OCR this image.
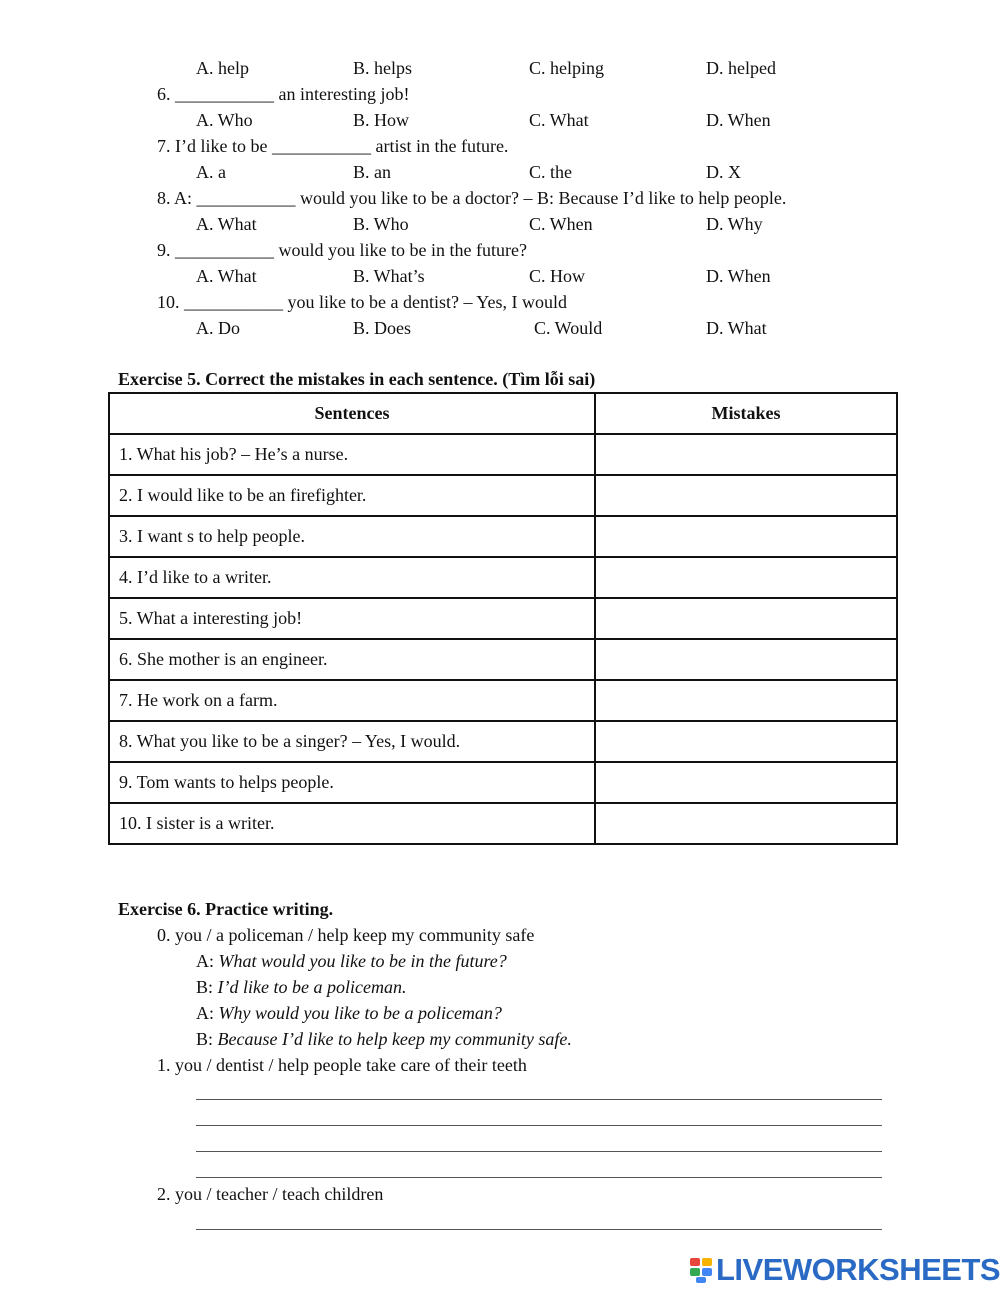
A. help	B. helps	C. helping	D. helped
6. ___________ an interesting job!
A. Who	B. How	C. What	D. When
7. I’d like to be ___________ artist in the future.
A. a	B. an	C. the	D. X
8. A: ___________ would you like to be a doctor? – B: Because I’d like to help people.
A. What	B. Who	C. When	D. Why
9. ___________ would you like to be in the future?
A. What	B. What’s	C. How	D. When
10. ___________ you like to be a dentist? – Yes, I would
A. Do	B. Does	C. Would	D. What
Exercise 5. Correct the mistakes in each sentence. (Tìm lỗi sai)
Sentences	Mistakes
1. What his job? – He’s a nurse.	
2. I would like to be an firefighter.	
3. I want s to help people.	
4. I’d like to a writer.	
5. What a interesting job!	
6. She mother is an engineer.	
7. He work on a farm.	
8. What you like to be a singer? – Yes, I would.	
9. Tom wants to helps people.	
10. I sister is a writer.	
Exercise 6. Practice writing.
0. you / a policeman / help keep my community safe
A: What would you like to be in the future?
B: I’d like to be a policeman.
A: Why would you like to be a policeman?
B: Because I’d like to help keep my community safe.
1. you / dentist / help people take care of their teeth
2. you / teacher / teach children
LIVEWORKSHEETS
